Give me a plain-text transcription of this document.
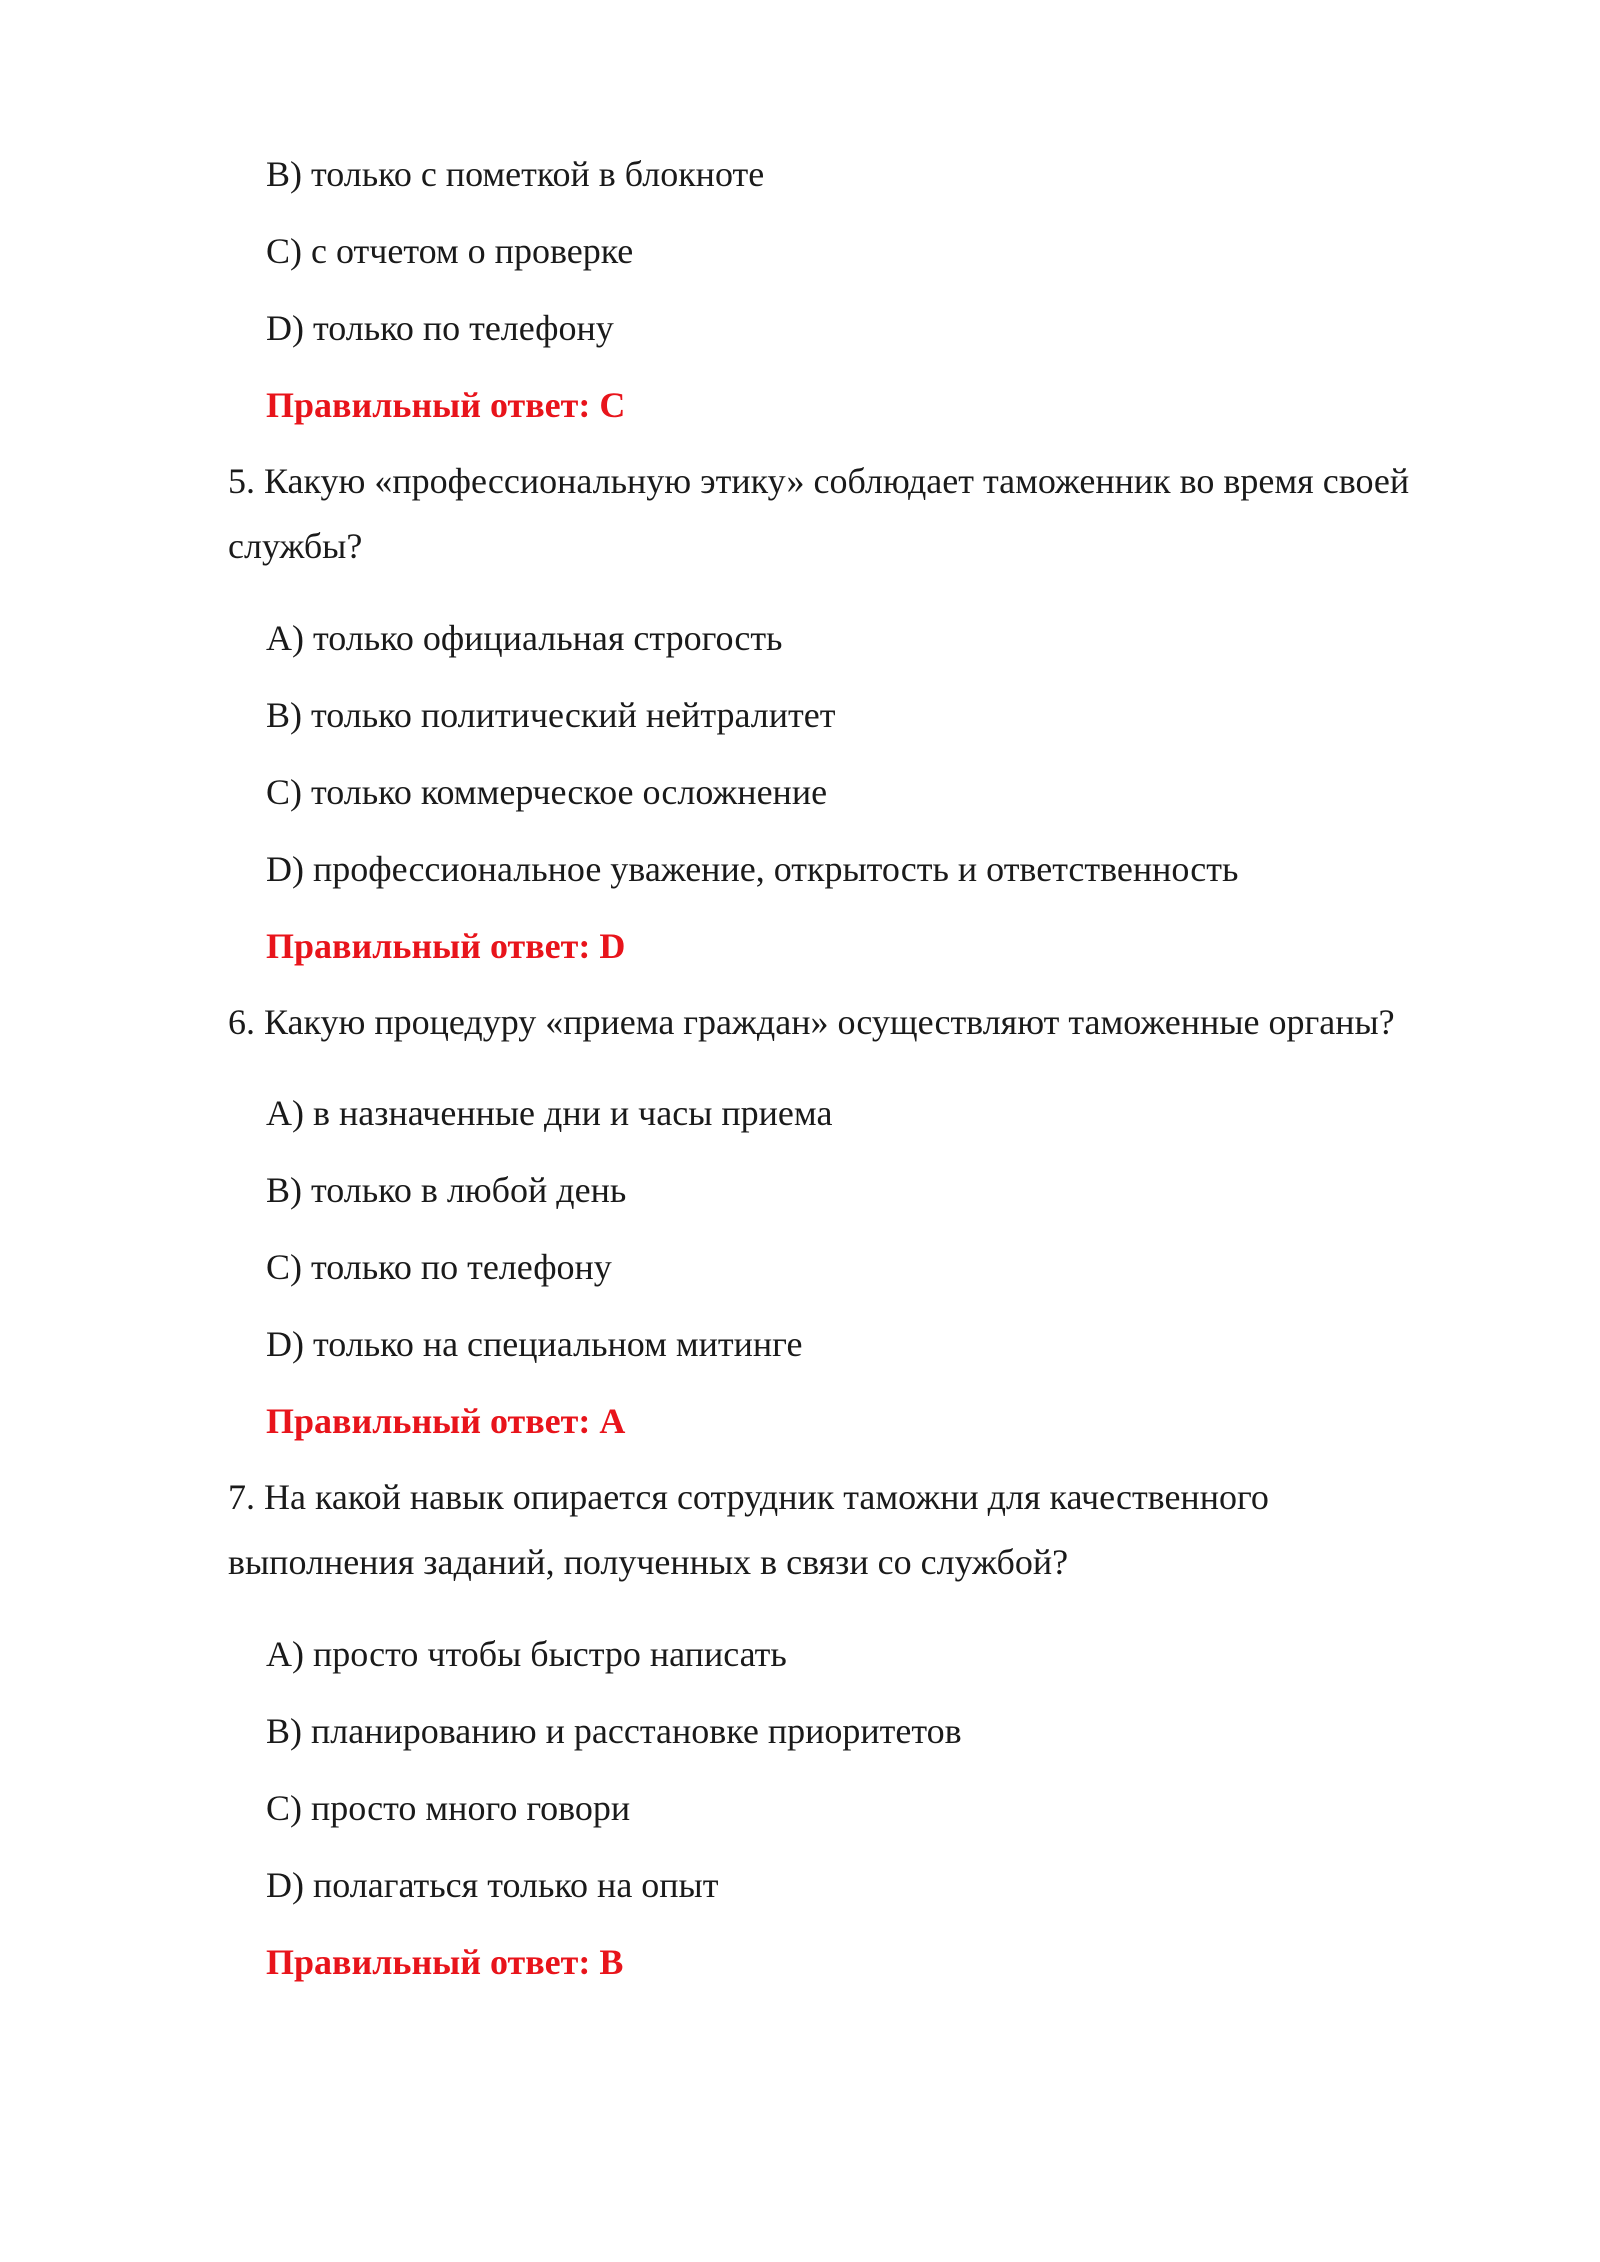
B) только с пометкой в блокноте
C) с отчетом о проверке
D) только по телефону
Правильный ответ: C
5. Какую «профессиональную этику» соблюдает таможенник во время своей
службы?
A) только официальная строгость
B) только политический нейтралитет
C) только коммерческое осложнение
D) профессиональное уважение, открытость и ответственность
Правильный ответ: D
6. Какую процедуру «приема граждан» осуществляют таможенные органы?
A) в назначенные дни и часы приема
B) только в любой день
C) только по телефону
D) только на специальном митинге
Правильный ответ: A
7. На какой навык опирается сотрудник таможни для качественного
выполнения заданий, полученных в связи со службой?
A) просто чтобы быстро написать
B) планированию и расстановке приоритетов
C) просто много говори
D) полагаться только на опыт
Правильный ответ: B
